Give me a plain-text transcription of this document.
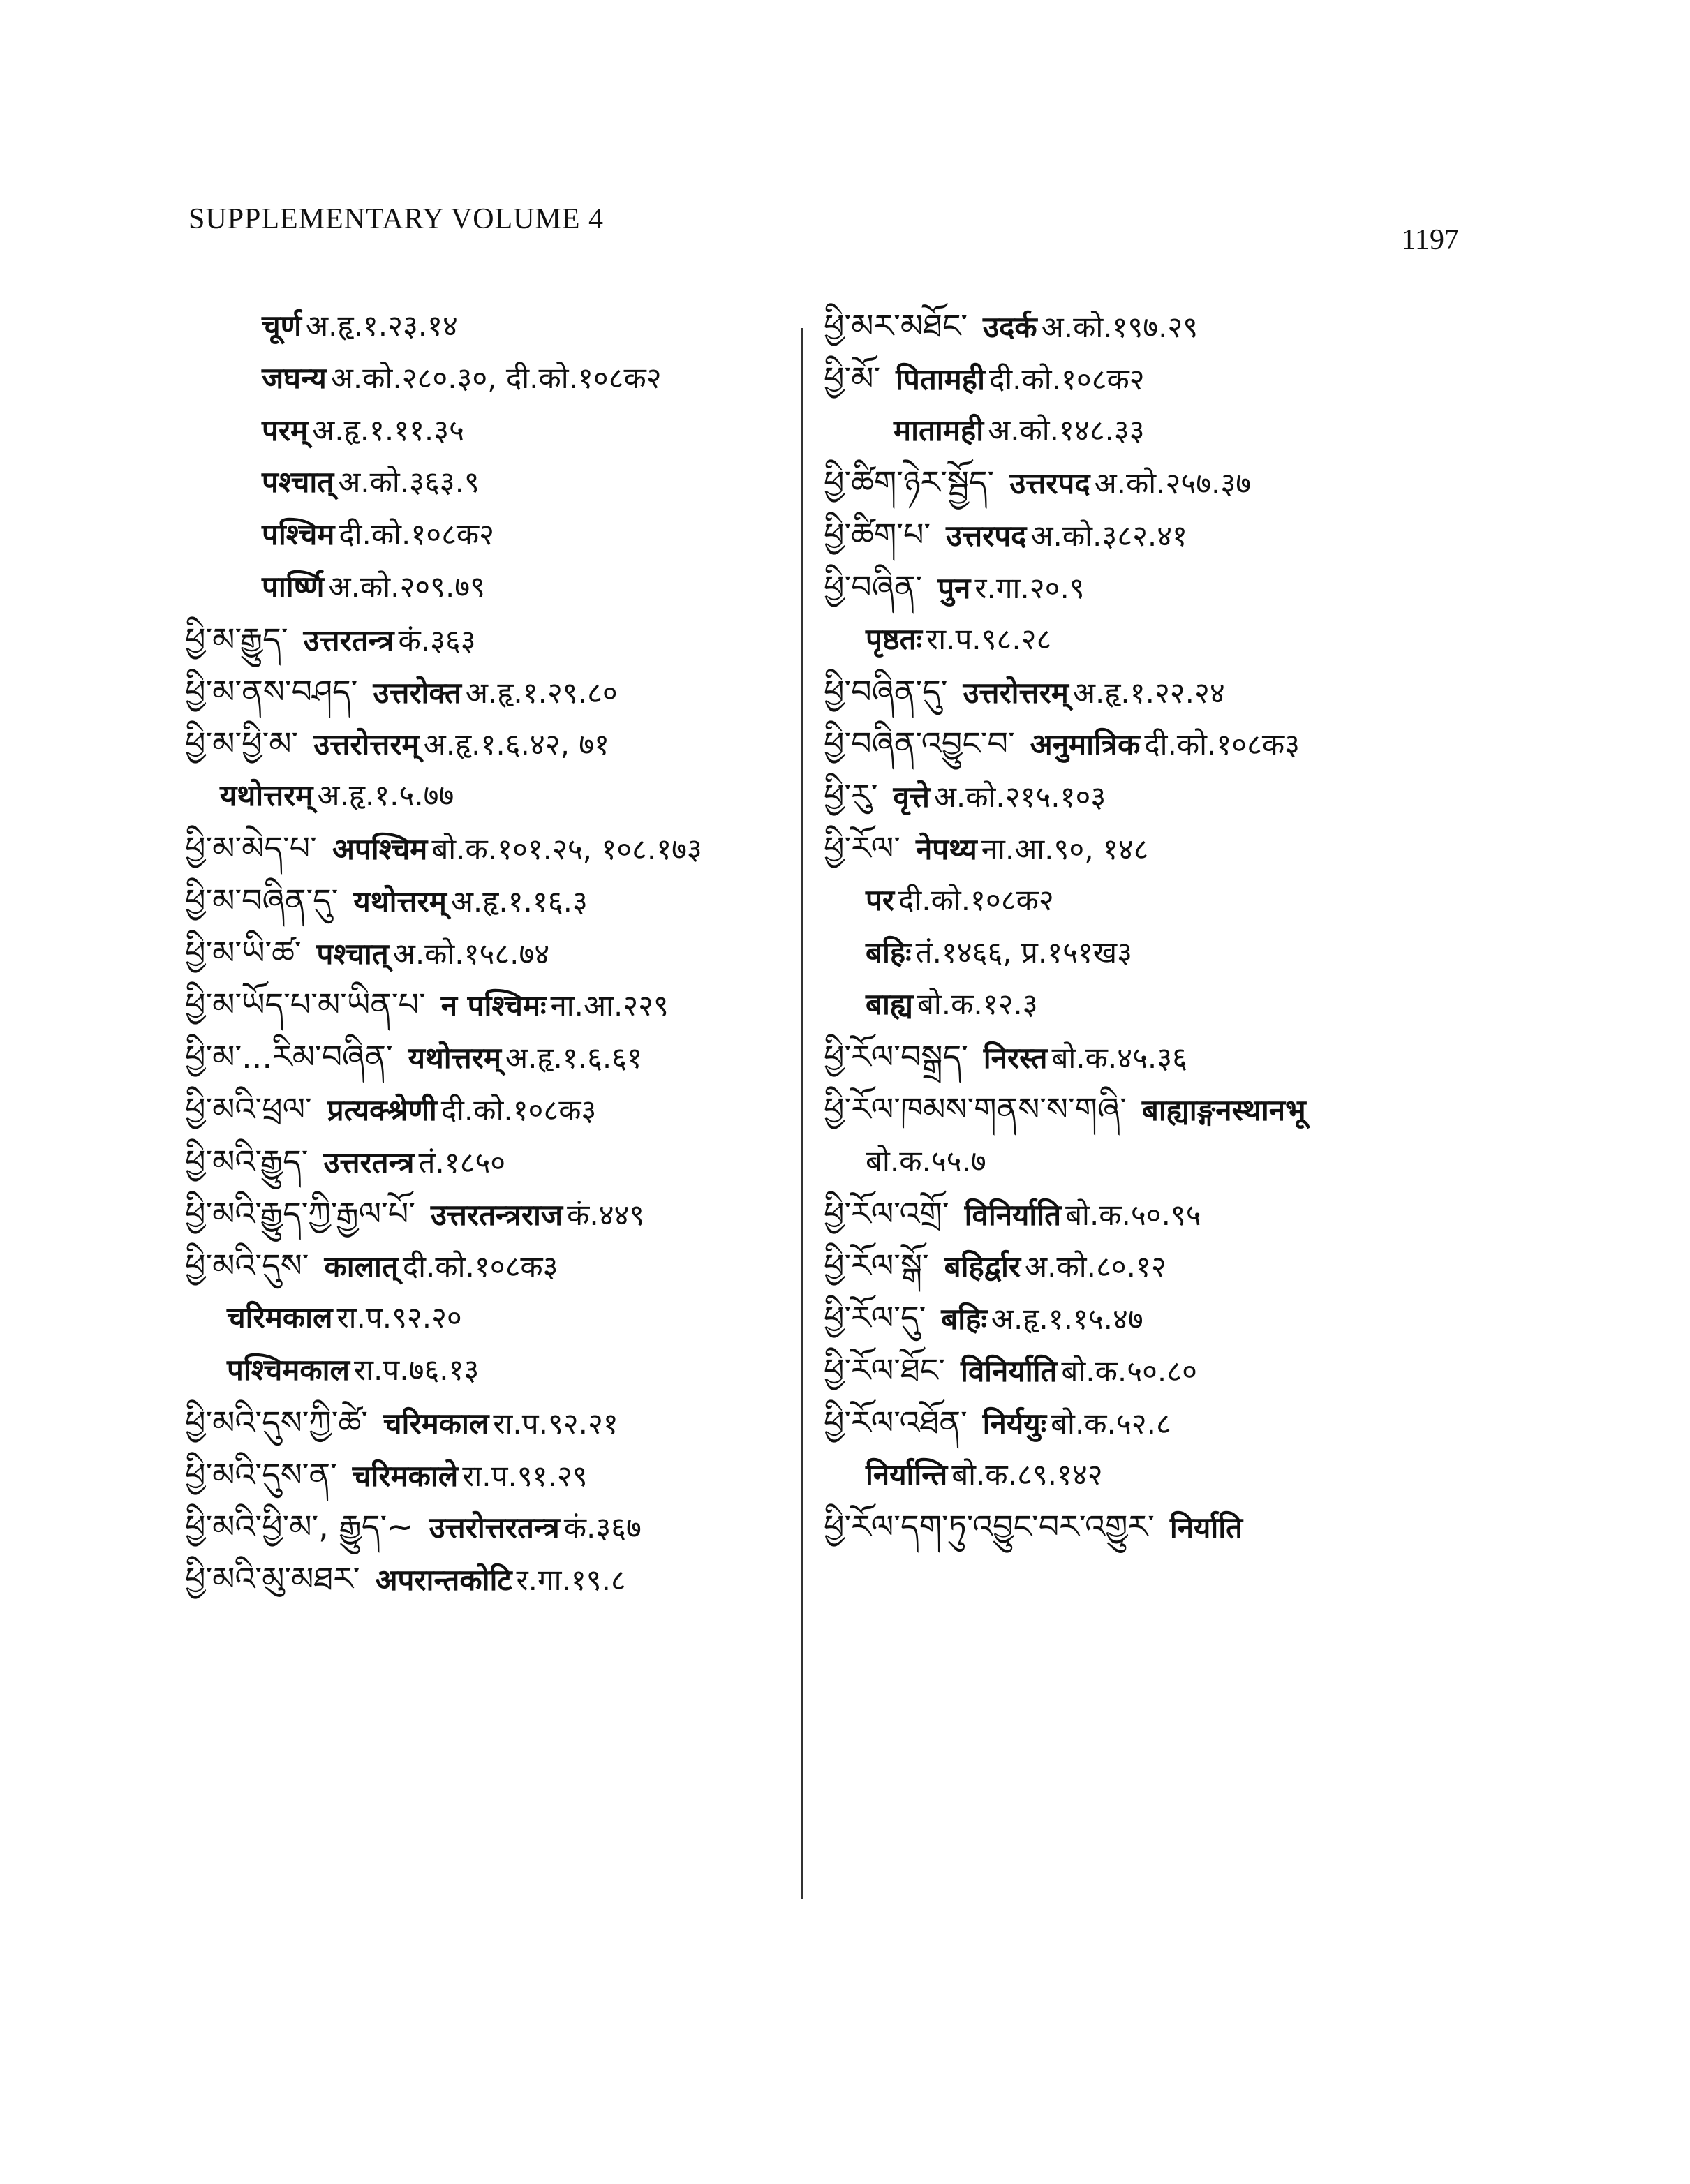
SUPPLEMENTARY VOLUME 4
1197
चूर्ण अ.हृ.१.२३.१४
जघन्य अ.को.२८०.३०, दी.को.१०८क२
परम् अ.हृ.१.११.३५
पश्चात् अ.को.३६३.९
पश्चिम दी.को.१०८क२
पार्ष्णि अ.को.२०९.७९
ཕྱི་མ་རྒྱུད་ उत्तरतन्त्र कं.३६३
ཕྱི་མ་ནས་བཤད་ उत्तरोक्त अ.हृ.१.२९.८०
ཕྱི་མ་ཕྱི་མ་ उत्तरोत्तरम् अ.हृ.१.६.४२, ७१
यथोत्तरम् अ.हृ.१.५.७७
ཕྱི་མ་མེད་པ་ अपश्चिम बो.क.१०१.२५, १०८.१७३
ཕྱི་མ་བཞིན་དུ་ यथोत्तरम् अ.हृ.१.१६.३
ཕྱི་མ་ཡི་ཚ་ पश्चात् अ.को.१५८.७४
ཕྱི་མ་ཡོད་པ་མ་ཡིན་པ་ न पश्चिमः ना.आ.२२९
ཕྱི་མ་...རིམ་བཞིན་ यथोत्तरम् अ.हृ.१.६.६१
ཕྱི་མའི་ཕྲལ་ प्रत्यक्श्रेणी दी.को.१०८क३
ཕྱི་མའི་རྒྱུད་ उत्तरतन्त्र तं.१८५०
ཕྱི་མའི་རྒྱུད་ཀྱི་རྒྱལ་པོ་ उत्तरतन्त्रराज कं.४४९
ཕྱི་མའི་དུས་ कालात् दी.को.१०८क३
चरिमकाल रा.प.९२.२०
पश्चिमकाल रा.प.७६.१३
ཕྱི་མའི་དུས་ཀྱི་ཚེ་ चरिमकाल रा.प.९२.२१
ཕྱི་མའི་དུས་ན་ चरिमकाले रा.प.९१.२९
ཕྱི་མའི་ཕྱི་མ་, རྒྱུད་~ उत्तरोत्तरतन्त्र कं.३६७
ཕྱི་མའི་མུ་མཐར་ अपरान्तकोटि र.गा.१९.८
ཕྱི་མར་མཐོང་ उदर्क अ.को.१९७.२९
ཕྱི་མོ་ पितामही दी.को.१०८क२
मातामही अ.को.१४८.३३
ཕྱི་ཚིག་ཉེར་སྦྱོད་ उत्तरपद अ.को.२५७.३७
ཕྱི་ཚིག་པ་ उत्तरपद अ.को.३८२.४१
ཕྱི་བཞིན་ पुन र.गा.२०.९
पृष्ठतः रा.प.९८.२८
ཕྱི་བཞིན་དུ་ उत्तरोत्तरम् अ.हृ.१.२२.२४
ཕྱི་བཞིན་འབྱུང་བ་ अनुमात्रिक दी.को.१०८क३
ཕྱི་རུ་ वृत्ते अ.को.२१५.१०३
ཕྱི་རོལ་ नेपथ्य ना.आ.९०, १४८
पर दी.को.१०८क२
बहिः तं.१४६६, प्र.१५१ख३
बाह्य बो.क.१२.३
ཕྱི་རོལ་བསྒྲད་ निरस्त बो.क.४५.३६
ཕྱི་རོལ་ཁམས་གནས་ས་གཞི་ बाह्याङ्गनस्थानभू
बो.क.५५.७
ཕྱི་རོལ་འགྲོ་ विनिर्याति बो.क.५०.९५
ཕྱི་རོལ་སྒོ་ बहिर्द्वार अ.को.८०.१२
ཕྱི་རོལ་དུ་ बहिः अ.हृ.१.१५.४७
ཕྱི་རོལ་ཐོང་ विनिर्याति बो.क.५०.८०
ཕྱི་རོལ་འཐོན་ निर्ययुः बो.क.५२.८
निर्यान्ति बो.क.८९.१४२
ཕྱི་རོལ་དག་ཏུ་འབྱུང་བར་འགྱུར་ निर्याति
